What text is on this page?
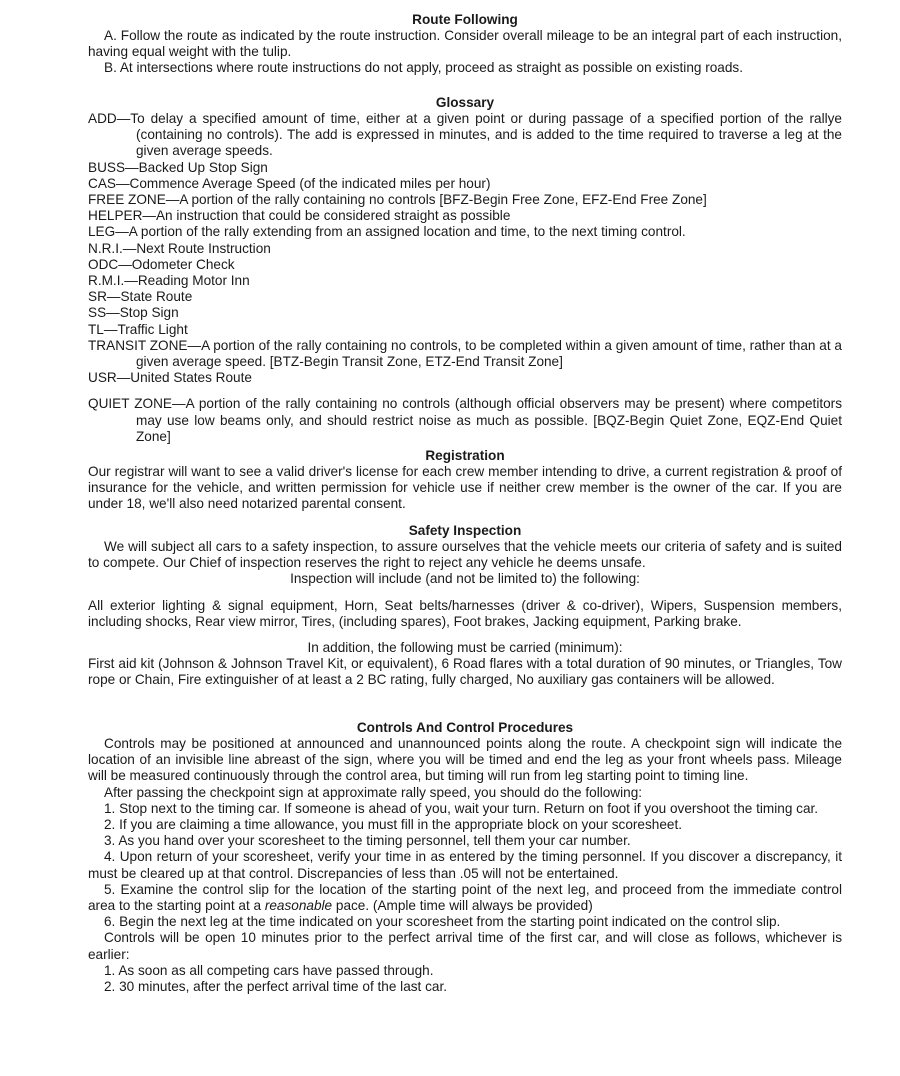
Route Following

A. Follow the route as indicated by the route instruction. Consider overall mileage to be an integral part of each instruction, having equal weight with the tulip.

B. At intersections where route instructions do not apply, proceed as straight as possible on existing roads.

Glossary

ADD—To delay a specified amount of time, either at a given point or during passage of a specified portion of the rallye (containing no controls). The add is expressed in minutes, and is added to the time required to traverse a leg at the given average speeds.

BUSS—Backed Up Stop Sign

CAS—Commence Average Speed (of the indicated miles per hour)

FREE ZONE—A portion of the rally containing no controls [BFZ-Begin Free Zone, EFZ-End Free Zone]

HELPER—An instruction that could be considered straight as possible

LEG—A portion of the rally extending from an assigned location and time, to the next timing control.

N.R.I.—Next Route Instruction

ODC—Odometer Check

R.M.I.—Reading Motor Inn

SR—State Route

SS—Stop Sign

TL—Traffic Light

TRANSIT ZONE—A portion of the rally containing no controls, to be completed within a given amount of time, rather than at a given average speed. [BTZ-Begin Transit Zone, ETZ-End Transit Zone]

USR—United States Route

QUIET ZONE—A portion of the rally containing no controls (although official observers may be present) where competitors may use low beams only, and should restrict noise as much as possible. [BQZ-Begin Quiet Zone, EQZ-End Quiet Zone]

Registration

Our registrar will want to see a valid driver's license for each crew member intending to drive, a current registration & proof of insurance for the vehicle, and written permission for vehicle use if neither crew member is the owner of the car. If you are under 18, we'll also need notarized parental consent.

Safety Inspection

We will subject all cars to a safety inspection, to assure ourselves that the vehicle meets our criteria of safety and is suited to compete. Our Chief of inspection reserves the right to reject any vehicle he deems unsafe.

Inspection will include (and not be limited to) the following:

All exterior lighting & signal equipment, Horn, Seat belts/harnesses (driver & co-driver), Wipers, Suspension members, including shocks, Rear view mirror, Tires, (including spares), Foot brakes, Jacking equipment, Parking brake.

In addition, the following must be carried (minimum):

First aid kit (Johnson & Johnson Travel Kit, or equivalent), 6 Road flares with a total duration of 90 minutes, or Triangles, Tow rope or Chain, Fire extinguisher of at least a 2 BC rating, fully charged, No auxiliary gas containers will be allowed.

Controls And Control Procedures

Controls may be positioned at announced and unannounced points along the route. A checkpoint sign will indicate the location of an invisible line abreast of the sign, where you will be timed and end the leg as your front wheels pass. Mileage will be measured continuously through the control area, but timing will run from leg starting point to timing line.

After passing the checkpoint sign at approximate rally speed, you should do the following:

1. Stop next to the timing car. If someone is ahead of you, wait your turn. Return on foot if you overshoot the timing car.

2. If you are claiming a time allowance, you must fill in the appropriate block on your scoresheet.

3. As you hand over your scoresheet to the timing personnel, tell them your car number.

4. Upon return of your scoresheet, verify your time in as entered by the timing personnel. If you discover a discrepancy, it must be cleared up at that control. Discrepancies of less than .05 will not be entertained.

5. Examine the control slip for the location of the starting point of the next leg, and proceed from the immediate control area to the starting point at a reasonable pace. (Ample time will always be provided)

6. Begin the next leg at the time indicated on your scoresheet from the starting point indicated on the control slip.

Controls will be open 10 minutes prior to the perfect arrival time of the first car, and will close as follows, whichever is earlier:

1. As soon as all competing cars have passed through.

2. 30 minutes, after the perfect arrival time of the last car.
